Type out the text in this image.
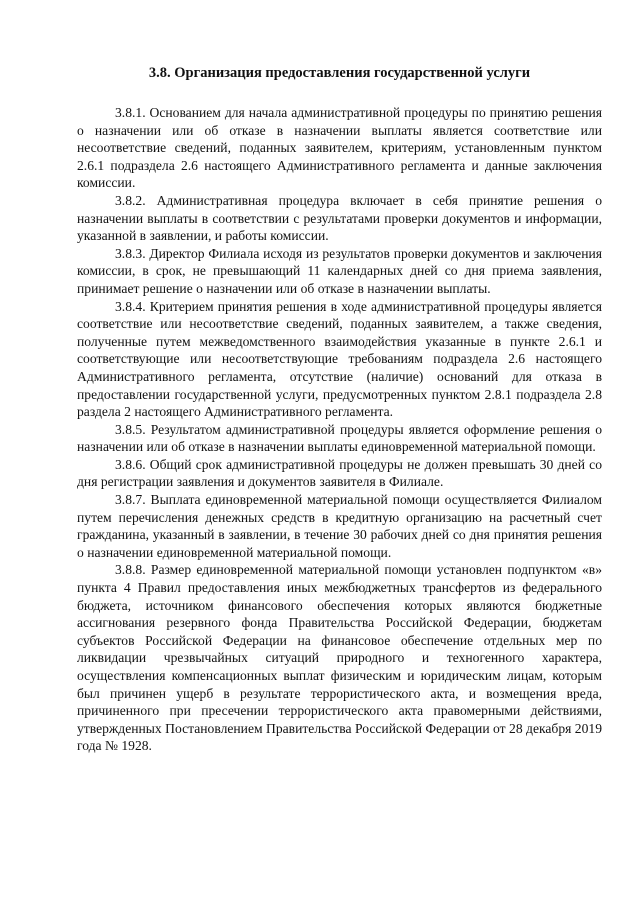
3.8. Организация предоставления государственной услуги

3.8.1. Основанием для начала административной процедуры по принятию решения о назначении или об отказе в назначении выплаты является соответствие или несоответствие сведений, поданных заявителем, критериям, установленным пунктом 2.6.1 подраздела 2.6 настоящего Административного регламента и данные заключения комиссии.

3.8.2. Административная процедура включает в себя принятие решения о назначении выплаты в соответствии с результатами проверки документов и информации, указанной в заявлении, и работы комиссии.

3.8.3. Директор Филиала исходя из результатов проверки документов и заключения комиссии, в срок, не превышающий 11 календарных дней со дня приема заявления, принимает решение о назначении или об отказе в назначении выплаты.

3.8.4. Критерием принятия решения в ходе административной процедуры является соответствие или несоответствие сведений, поданных заявителем, а также сведения, полученные путем межведомственного взаимодействия указанные в пункте 2.6.1 и соответствующие или несоответствующие требованиям подраздела 2.6 настоящего Административного регламента, отсутствие (наличие) оснований для отказа в предоставлении государственной услуги, предусмотренных пунктом 2.8.1 подраздела 2.8 раздела 2 настоящего Административного регламента.

3.8.5. Результатом административной процедуры является оформление решения о назначении или об отказе в назначении выплаты единовременной материальной помощи.

3.8.6. Общий срок административной процедуры не должен превышать 30 дней со дня регистрации заявления и документов заявителя в Филиале.

3.8.7. Выплата единовременной материальной помощи осуществляется Филиалом путем перечисления денежных средств в кредитную организацию на расчетный счет гражданина, указанный в заявлении, в течение 30 рабочих дней со дня принятия решения о назначении единовременной материальной помощи.

3.8.8. Размер единовременной материальной помощи установлен подпунктом «в» пункта 4 Правил предоставления иных межбюджетных трансфертов из федерального бюджета, источником финансового обеспечения которых являются бюджетные ассигнования резервного фонда Правительства Российской Федерации, бюджетам субъектов Российской Федерации на финансовое обеспечение отдельных мер по ликвидации чрезвычайных ситуаций природного и техногенного характера, осуществления компенсационных выплат физическим и юридическим лицам, которым был причинен ущерб в результате террористического акта, и возмещения вреда, причиненного при пресечении террористического акта правомерными действиями, утвержденных Постановлением Правительства Российской Федерации от 28 декабря 2019 года № 1928.
